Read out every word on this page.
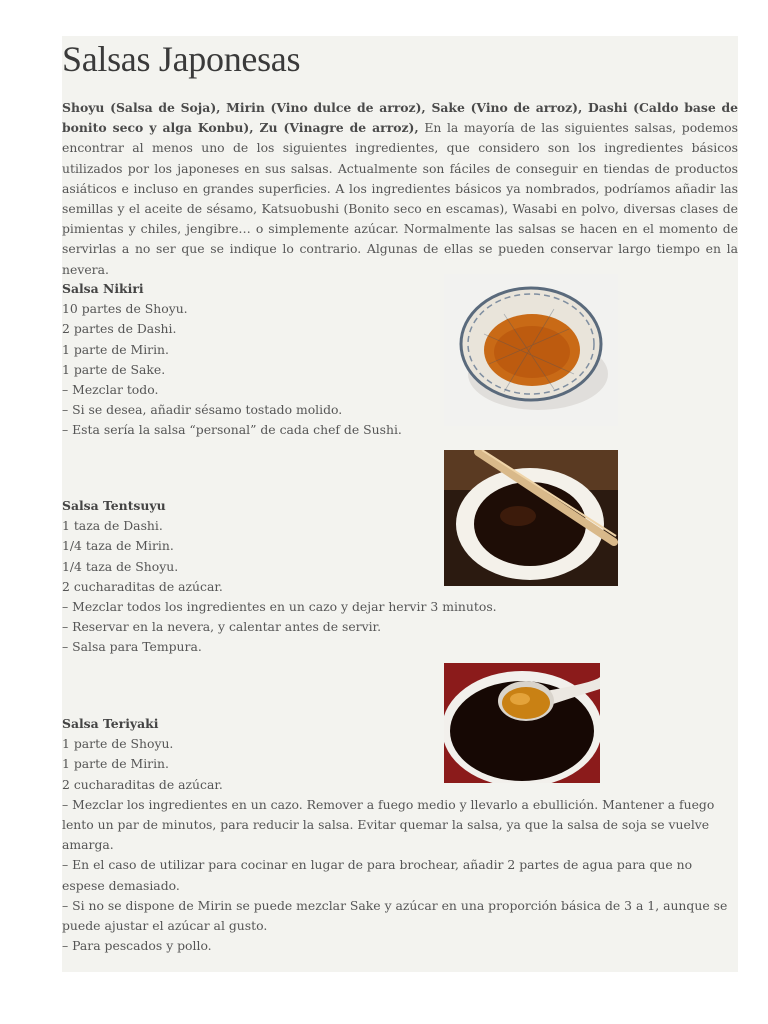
Salsas Japonesas

Shoyu (Salsa de Soja), Mirin (Vino dulce de arroz), Sake (Vino de arroz), Dashi (Caldo base de bonito seco y alga Konbu), Zu (Vinagre de arroz), En la mayoría de las siguientes salsas, podemos encontrar al menos uno de los siguientes ingredientes, que considero son los ingredientes básicos utilizados por los japoneses en sus salsas. Actualmente son fáciles de conseguir en tiendas de productos asiáticos e incluso en grandes superficies. A los ingredientes básicos ya nombrados, podríamos añadir las semillas y el aceite de sésamo, Katsuobushi (Bonito seco en escamas), Wasabi en polvo, diversas clases de pimientas y chiles, jengibre… o simplemente azúcar. Normalmente las salsas se hacen en el momento de servirlas a no ser que se indique lo contrario. Algunas de ellas se pueden conservar largo tiempo en la nevera.

Salsa Nikiri
10 partes de Shoyu.
2 partes de Dashi.
1 parte de Mirin.
1 parte de Sake.
– Mezclar todo.
– Si se desea, añadir sésamo tostado molido.
– Esta sería la salsa “personal” de cada chef de Sushi.
Salsa Tentsuyu
1 taza de Dashi.
1/4 taza de Mirin.
1/4 taza de Shoyu.
2 cucharaditas de azúcar.
– Mezclar todos los ingredientes en un cazo y dejar hervir 3 minutos.
– Reservar en la nevera, y calentar antes de servir.
– Salsa para Tempura.
Salsa Teriyaki
1 parte de Shoyu.
1 parte de Mirin.
2 cucharaditas de azúcar.
– Mezclar los ingredientes en un cazo. Remover a fuego medio y llevarlo a ebullición. Mantener a fuego lento un par de minutos, para reducir la salsa. Evitar quemar la salsa, ya que la salsa de soja se vuelve amarga.
– En el caso de utilizar para cocinar en lugar de para brochear, añadir 2 partes de agua para que no espese demasiado.
– Si no se dispone de Mirin se puede mezclar Sake y azúcar en una proporción básica de 3 a 1, aunque se puede ajustar el azúcar al gusto.
– Para pescados y pollo.
